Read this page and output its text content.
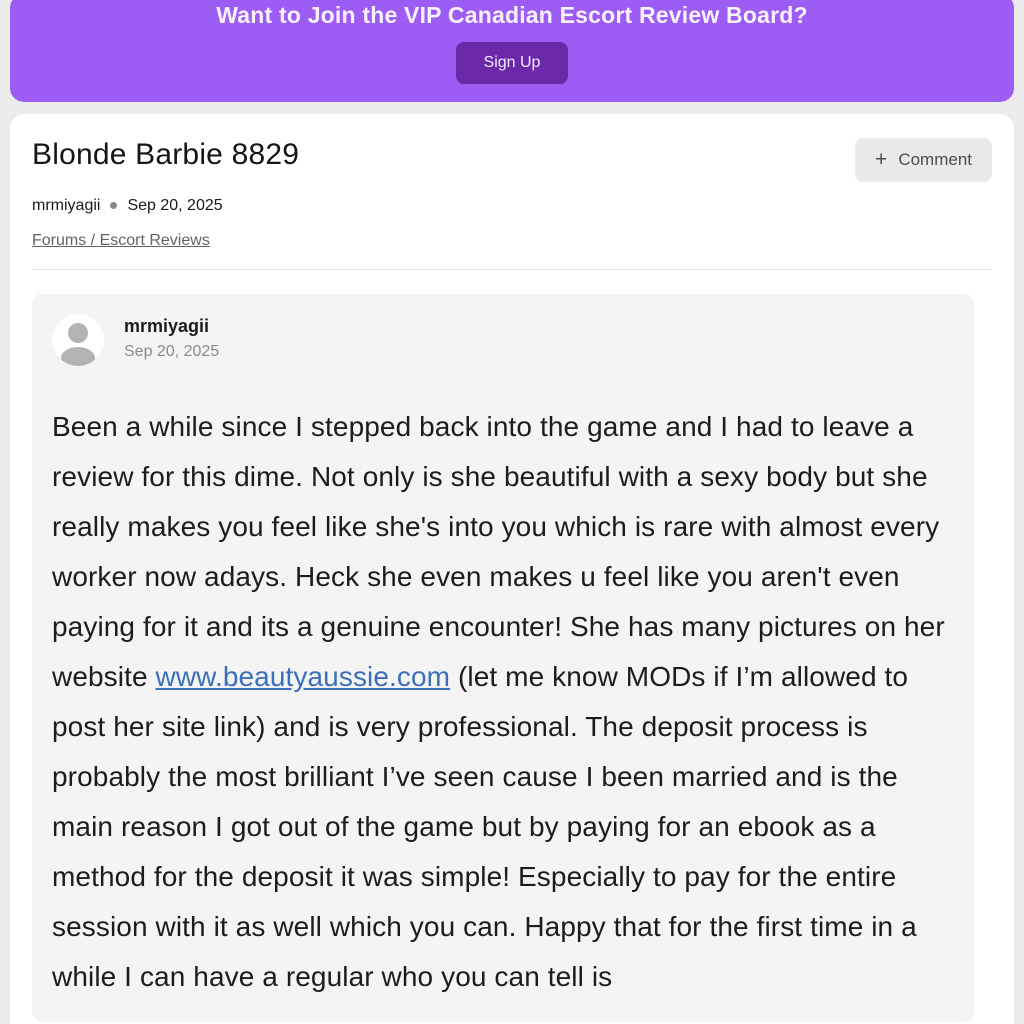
Want to Join the VIP Canadian Escort Review Board?
Sign Up
Blonde Barbie 8829	+ Comment
mrmiyagii Sep 20, 2025
Forums / Escort Reviews
mrmiyagii
Sep 20, 2025
Been a while since I stepped back into the game and I had to leave a review for this dime. Not only is she beautiful with a sexy body but she really makes you feel like she's into you which is rare with almost every worker now adays. Heck she even makes u feel like you aren't even paying for it and its a genuine encounter! She has many pictures on her website www.beautyaussie.com (let me know MODs if I’m allowed to post her site link) and is very professional. The deposit process is probably the most brilliant I’ve seen cause I been married and is the main reason I got out of the game but by paying for an ebook as a method for the deposit it was simple! Especially to pay for the entire session with it as well which you can. Happy that for the first time in a while I can have a regular who you can tell is
